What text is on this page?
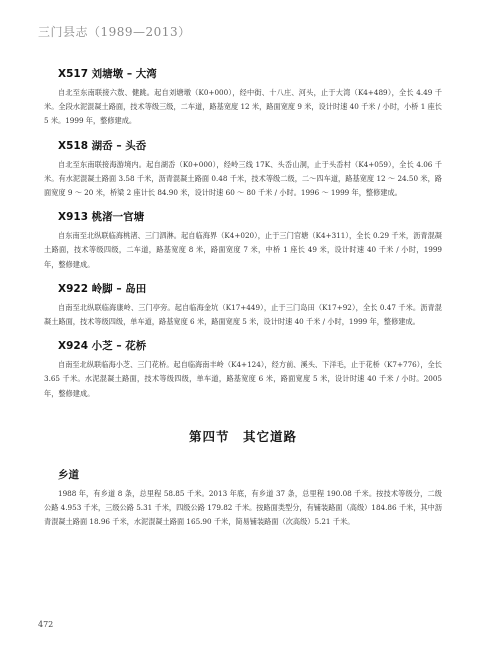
三门县志（1989—2013）
X517 刘塘墩 – 大湾

自北至东南联接六敖、健跳。起自刘塘墩（K0+000），经中街、十八庄、河头，止于大湾（K4+489），全长 4.49 千米。全段水泥混凝土路面，技术等级三级，二车道，路基宽度 12 米，路面宽度 9 米，设计时速 40 千米 / 小时，小桥 1 座长 5 米。1999 年，整修建成。

X518 湖岙 – 头岙

自北至东南联接海游境内。起自湖岙（K0+000），经岭三线 17K、头岙山洞，止于头岙村（K4+059），全长 4.06 千米。有水泥混凝土路面 3.58 千米，沥青混凝土路面 0.48 千米，技术等级二级，二～四车道，路基宽度 12 ～ 24.50 米，路面宽度 9 ～ 20 米，桥梁 2 座计长 84.90 米，设计时速 60 ～ 80 千米 / 小时。1996 ～ 1999 年，整修建成。

X913 桃渚一官塘

自东南至北纵联临海桃渚、三门泗淋。起自临海界（K4+020），止于三门官塘（K4+311），全长 0.29 千米，沥青混凝土路面，技术等级四级，二车道，路基宽度 8 米，路面宽度 7 米，中桥 1 座长 49 米，设计时速 40 千米 / 小时，1999 年，整修建成。

X922 岭脚 – 岛田

自南至北纵联临海康岭、三门亭旁。起自临海金坑（K17+449），止于三门岛田（K17+92），全长 0.47 千米。沥青混凝土路面，技术等级四级，单车道，路基宽度 6 米，路面宽度 5 米，设计时速 40 千米 / 小时，1999 年，整修建成。

X924 小芝 – 花桥

自南至北纵联临海小芝、三门花桥。起自临海南丰岭（K4+124），经方前、溪头、下洋毛，止于花桥（K7+776），全长 3.65 千米。水泥混凝土路面，技术等级四级，单车道，路基宽度 6 米，路面宽度 5 米，设计时速 40 千米 / 小时。2005 年，整修建成。

第四节　其它道路
乡道

1988 年，有乡道 8 条，总里程 58.85 千米。2013 年底，有乡道 37 条，总里程 190.08 千米。按技术等级分，二级公路 4.953 千米，三级公路 5.31 千米，四级公路 179.82 千米。按路面类型分，有铺装路面（高级）184.86 千米，其中沥青混凝土路面 18.96 千米，水泥混凝土路面 165.90 千米，简易铺装路面（次高级）5.21 千米。

472
